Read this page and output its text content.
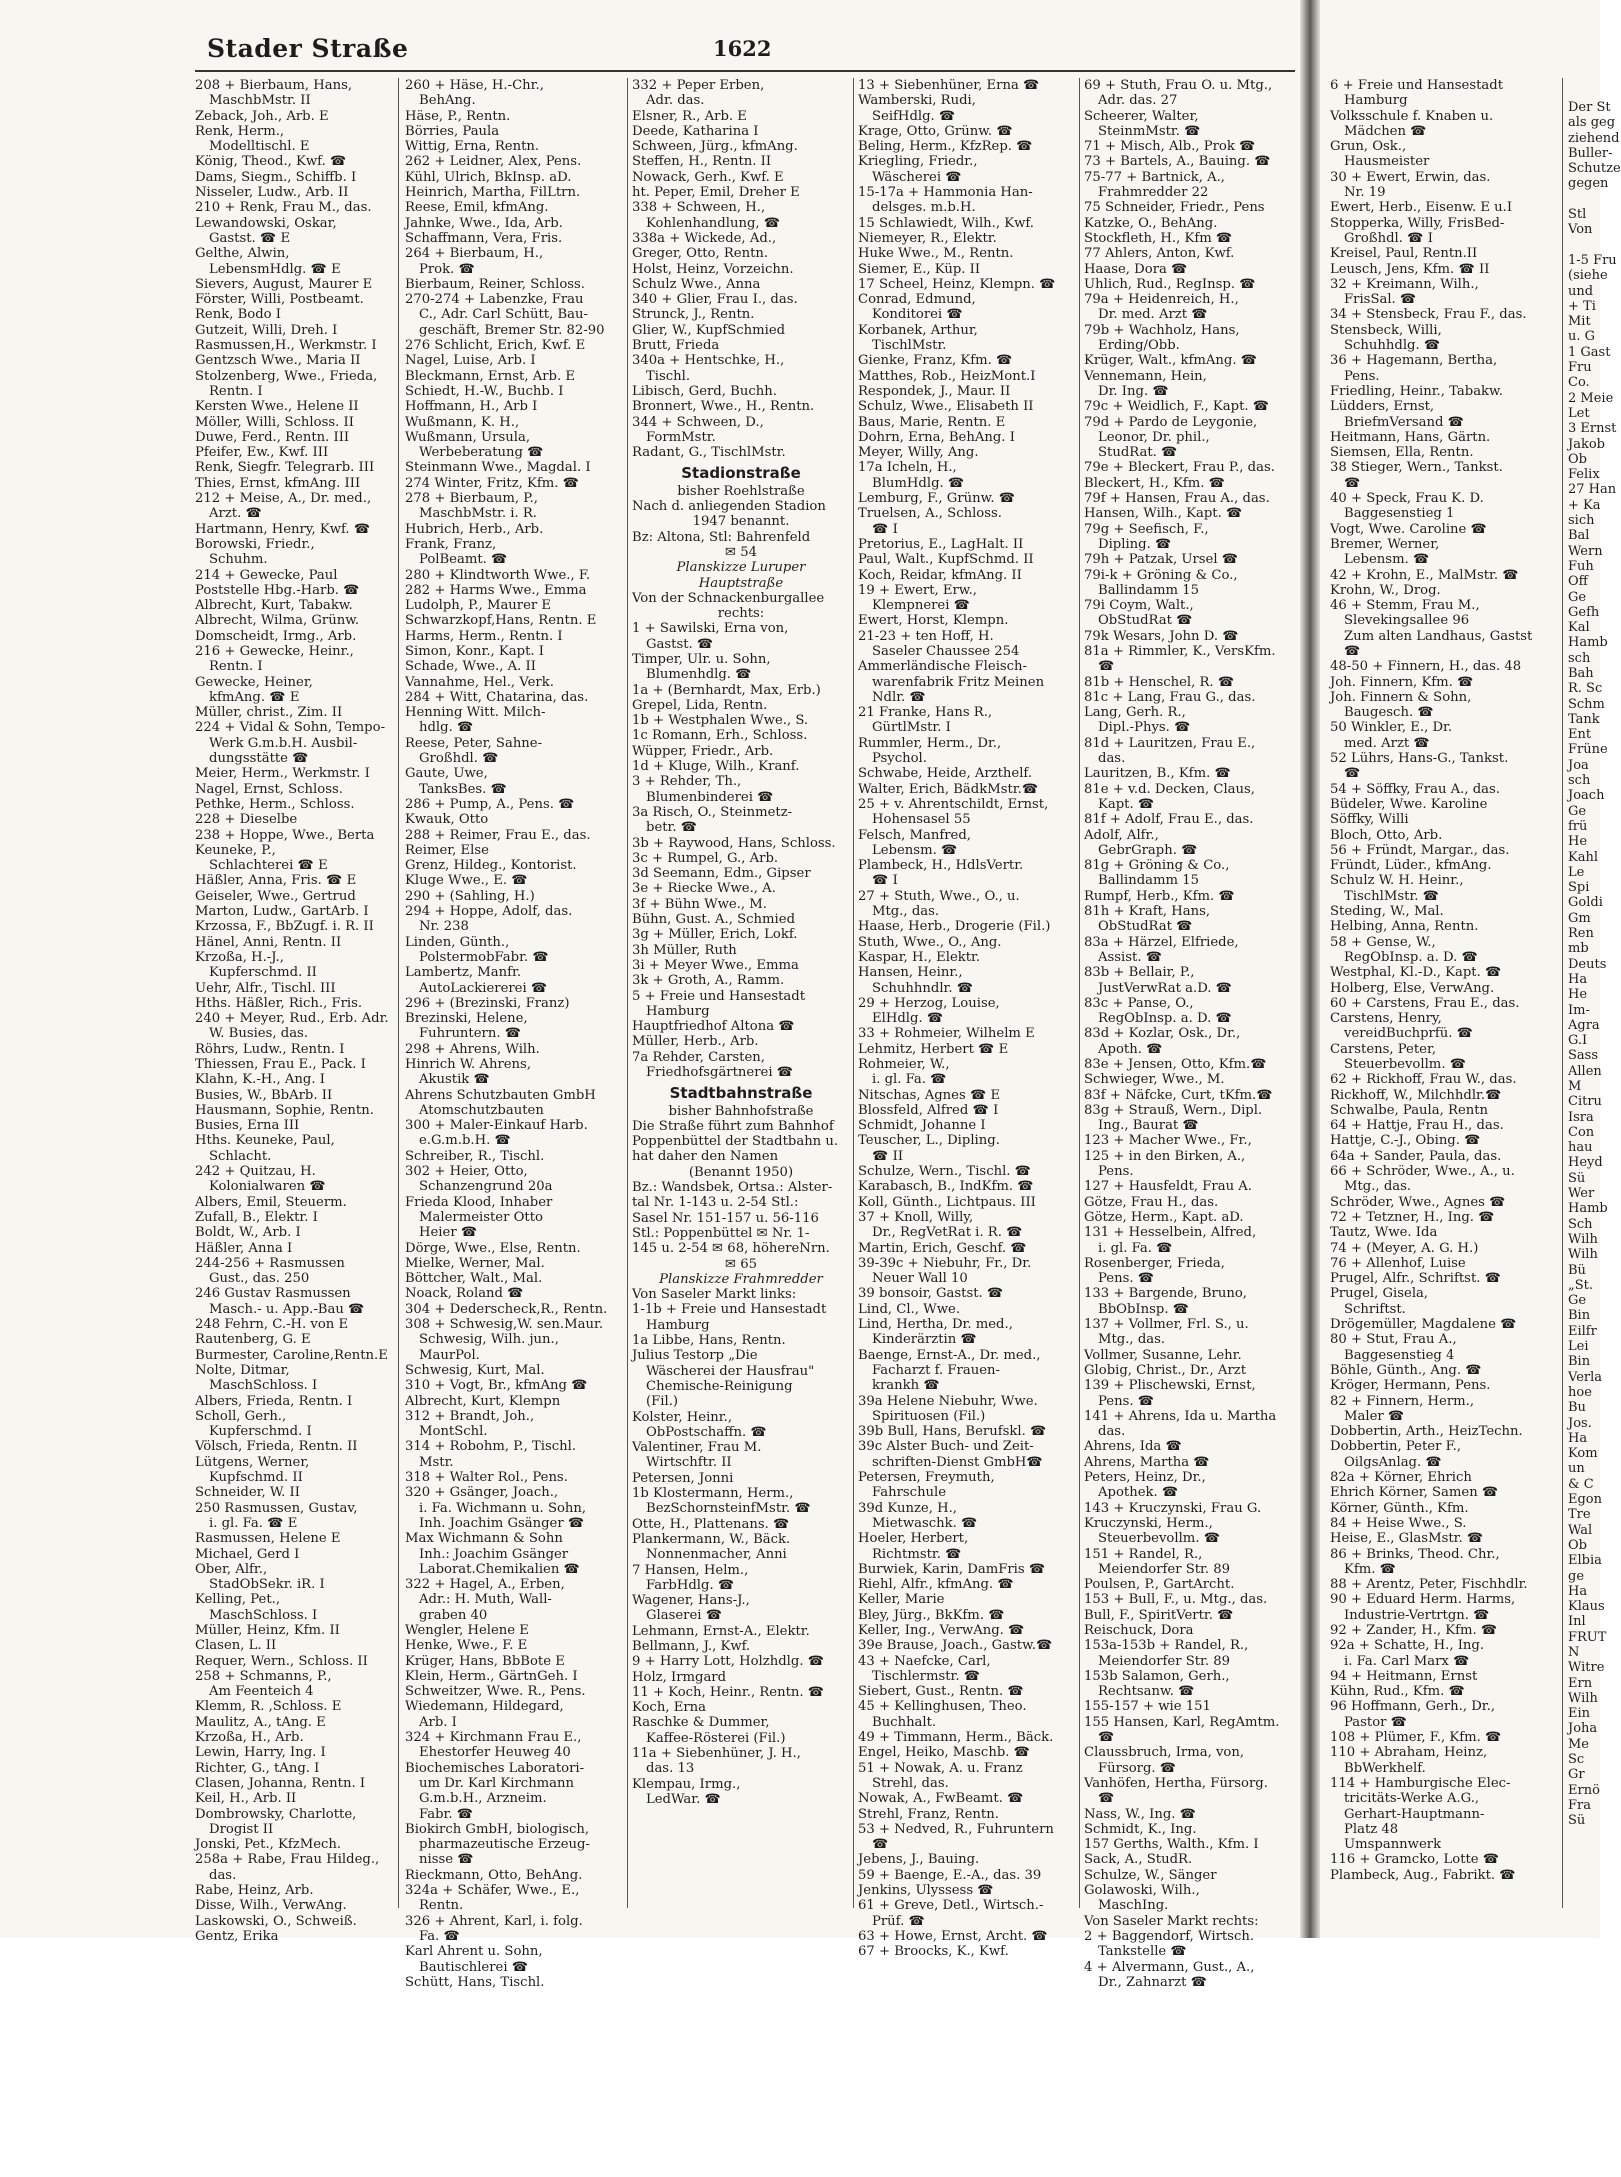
Stader Straße	1622
208 + Bierbaum, Hans,
MaschbMstr. II
Zeback, Joh., Arb. E
Renk, Herm.,
Modelltischl. E
König, Theod., Kwf. ☎
Dams, Siegm., Schiffb. I
Nisseler, Ludw., Arb. II
210 + Renk, Frau M., das.
Lewandowski, Oskar,
Gastst. ☎ E
Gelthe, Alwin,
LebensmHdlg. ☎ E
Sievers, August, Maurer E
Förster, Willi, Postbeamt.
Renk, Bodo I
Gutzeit, Willi, Dreh. I
Rasmussen,H., Werkmstr. I
Gentzsch Wwe., Maria II
Stolzenberg, Wwe., Frieda,
Rentn. I
Kersten Wwe., Helene II
Möller, Willi, Schloss. II
Duwe, Ferd., Rentn. III
Pfeifer, Ew., Kwf. III
Renk, Siegfr. Telegrarb. III
Thies, Ernst, kfmAng. III
212 + Meise, A., Dr. med.,
Arzt. ☎
Hartmann, Henry, Kwf. ☎
Borowski, Friedr.,
Schuhm.
214 + Gewecke, Paul
Poststelle Hbg.-Harb. ☎
Albrecht, Kurt, Tabakw.
Albrecht, Wilma, Grünw.
Domscheidt, Irmg., Arb.
216 + Gewecke, Heinr.,
Rentn. I
Gewecke, Heiner,
kfmAng. ☎ E
Müller, christ., Zim. II
224 + Vidal & Sohn, Tempo-
Werk G.m.b.H. Ausbil-
dungsstätte ☎
Meier, Herm., Werkmstr. I
Nagel, Ernst, Schloss.
Pethke, Herm., Schloss.
228 + Dieselbe
238 + Hoppe, Wwe., Berta
Keuneke, P.,
Schlachterei ☎ E
Häßler, Anna, Fris. ☎ E
Geiseler, Wwe., Gertrud
Marton, Ludw., GartArb. I
Krzossa, F., BbZugf. i. R. II
Hänel, Anni, Rentn. II
Krzoßa, H.-J.,
Kupferschmd. II
Uehr, Alfr., Tischl. III
Hths. Häßler, Rich., Fris.
240 + Meyer, Rud., Erb. Adr.
W. Busies, das.
Röhrs, Ludw., Rentn. I
Thiessen, Frau E., Pack. I
Klahn, K.-H., Ang. I
Busies, W., BbArb. II
Hausmann, Sophie, Rentn.
Busies, Erna III
Hths. Keuneke, Paul,
Schlacht.
242 + Quitzau, H.
Kolonialwaren ☎
Albers, Emil, Steuerm.
Zufall, B., Elektr. I
Boldt, W., Arb. I
Häßler, Anna I
244-256 + Rasmussen
Gust., das. 250
246 Gustav Rasmussen
Masch.- u. App.-Bau ☎
248 Fehrn, C.-H. von E
Rautenberg, G. E
Burmester, Caroline,Rentn.E
Nolte, Ditmar,
MaschSchloss. I
Albers, Frieda, Rentn. I
Scholl, Gerh.,
Kupferschmd. I
Völsch, Frieda, Rentn. II
Lütgens, Werner,
Kupfschmd. II
Schneider, W. II
250 Rasmussen, Gustav,
i. gl. Fa. ☎ E
Rasmussen, Helene E
Michael, Gerd I
Ober, Alfr.,
StadObSekr. iR. I
Kelling, Pet.,
MaschSchloss. I
Müller, Heinz, Kfm. II
Clasen, L. II
Requer, Wern., Schloss. II
258 + Schmanns, P.,
Am Feenteich 4
Klemm, R. ,Schloss. E
Maulitz, A., tAng. E
Krzoßa, H., Arb.
Lewin, Harry, Ing. I
Richter, G., tAng. I
Clasen, Johanna, Rentn. I
Keil, H., Arb. II
Dombrowsky, Charlotte,
Drogist II
Jonski, Pet., KfzMech.
258a + Rabe, Frau Hildeg.,
das.
Rabe, Heinz, Arb.
Disse, Wilh., VerwAng.
Laskowski, O., Schweiß.
Gentz, Erika
260 + Häse, H.-Chr.,
BehAng.
Häse, P., Rentn.
Börries, Paula
Wittig, Erna, Rentn.
262 + Leidner, Alex, Pens.
Kühl, Ulrich, BkInsp. aD.
Heinrich, Martha, FilLtrn.
Reese, Emil, kfmAng.
Jahnke, Wwe., Ida, Arb.
Schaffmann, Vera, Fris.
264 + Bierbaum, H.,
Prok. ☎
Bierbaum, Reiner, Schloss.
270-274 + Labenzke, Frau
C., Adr. Carl Schütt, Bau-
geschäft, Bremer Str. 82-90
276 Schlicht, Erich, Kwf. E
Nagel, Luise, Arb. I
Bleckmann, Ernst, Arb. E
Schiedt, H.-W., Buchb. I
Hoffmann, H., Arb I
Wußmann, K. H.,
Wußmann, Ursula,
Werbeberatung ☎
Steinmann Wwe., Magdal. I
274 Winter, Fritz, Kfm. ☎
278 + Bierbaum, P.,
MaschbMstr. i. R.
Hubrich, Herb., Arb.
Frank, Franz,
PolBeamt. ☎
280 + Klindtworth Wwe., F.
282 + Harms Wwe., Emma
Ludolph, P., Maurer E
Schwarzkopf,Hans, Rentn. E
Harms, Herm., Rentn. I
Simon, Konr., Kapt. I
Schade, Wwe., A. II
Vannahme, Hel., Verk.
284 + Witt, Chatarina, das.
Henning Witt. Milch-
hdlg. ☎
Reese, Peter, Sahne-
Großhdl. ☎
Gaute, Uwe,
TanksBes. ☎
286 + Pump, A., Pens. ☎
Kwauk, Otto
288 + Reimer, Frau E., das.
Reimer, Else
Grenz, Hildeg., Kontorist.
Kluge Wwe., E. ☎
290 + (Sahling, H.)
294 + Hoppe, Adolf, das.
Nr. 238
Linden, Günth.,
PolstermobFabr. ☎
Lambertz, Manfr.
AutoLackiererei ☎
296 + (Brezinski, Franz)
Brezinski, Helene,
Fuhruntern. ☎
298 + Ahrens, Wilh.
Hinrich W. Ahrens,
Akustik ☎
Ahrens Schutzbauten GmbH
Atomschutzbauten
300 + Maler-Einkauf Harb.
e.G.m.b.H. ☎
Schreiber, R., Tischl.
302 + Heier, Otto,
Schanzengrund 20a
Frieda Klood, Inhaber
Malermeister Otto
Heier ☎
Dörge, Wwe., Else, Rentn.
Mielke, Werner, Mal.
Böttcher, Walt., Mal.
Noack, Roland ☎
304 + Dederscheck,R., Rentn.
308 + Schwesig,W. sen.Maur.
Schwesig, Wilh. jun.,
MaurPol.
Schwesig, Kurt, Mal.
310 + Vogt, Br., kfmAng ☎
Albrecht, Kurt, Klempn
312 + Brandt, Joh.,
MontSchl.
314 + Robohm, P., Tischl.
Mstr.
318 + Walter Rol., Pens.
320 + Gsänger, Joach.,
i. Fa. Wichmann u. Sohn,
Inh. Joachim Gsänger ☎
Max Wichmann & Sohn
Inh.: Joachim Gsänger
Laborat.Chemikalien ☎
322 + Hagel, A., Erben,
Adr.: H. Muth, Wall-
graben 40
Wengler, Helene E
Henke, Wwe., F. E
Krüger, Hans, BbBote E
Klein, Herm., GärtnGeh. I
Schweitzer, Wwe. R., Pens.
Wiedemann, Hildegard,
Arb. I
324 + Kirchmann Frau E.,
Ehestorfer Heuweg 40
Biochemisches Laboratori-
um Dr. Karl Kirchmann
G.m.b.H., Arzneim.
Fabr. ☎
Biokirch GmbH, biologisch,
pharmazeutische Erzeug-
nisse ☎
Rieckmann, Otto, BehAng.
324a + Schäfer, Wwe., E.,
Rentn.
326 + Ahrent, Karl, i. folg.
Fa. ☎
Karl Ahrent u. Sohn,
Bautischlerei ☎
Schütt, Hans, Tischl.
332 + Peper Erben,
Adr. das.
Elsner, R., Arb. E
Deede, Katharina I
Schween, Jürg., kfmAng.
Steffen, H., Rentn. II
Nowack, Gerh., Kwf. E
ht. Peper, Emil, Dreher E
338 + Schween, H.,
Kohlenhandlung, ☎
338a + Wickede, Ad.,
Greger, Otto, Rentn.
Holst, Heinz, Vorzeichn.
Schulz Wwe., Anna
340 + Glier, Frau I., das.
Strunck, J., Rentn.
Glier, W., KupfSchmied
Brutt, Frieda
340a + Hentschke, H.,
Tischl.
Libisch, Gerd, Buchh.
Bronnert, Wwe., H., Rentn.
344 + Schween, D.,
FormMstr.
Radant, G., TischlMstr.
Stadionstraße
bisher Roehlstraße
Nach d. anliegenden Stadion
1947 benannt.
Bz: Altona, Stl: Bahrenfeld
✉ 54
Planskizze Luruper
Hauptstraße
Von der Schnackenburgallee
rechts:
1 + Sawilski, Erna von,
Gastst. ☎
Timper, Ulr. u. Sohn,
Blumenhdlg. ☎
1a + (Bernhardt, Max, Erb.)
Grepel, Lida, Rentn.
1b + Westphalen Wwe., S.
1c Romann, Erh., Schloss.
Wüpper, Friedr., Arb.
1d + Kluge, Wilh., Kranf.
3 + Rehder, Th.,
Blumenbinderei ☎
3a Risch, O., Steinmetz-
betr. ☎
3b + Raywood, Hans, Schloss.
3c + Rumpel, G., Arb.
3d Seemann, Edm., Gipser
3e + Riecke Wwe., A.
3f + Bühn Wwe., M.
Bühn, Gust. A., Schmied
3g + Müller, Erich, Lokf.
3h Müller, Ruth
3i + Meyer Wwe., Emma
3k + Groth, A., Ramm.
5 + Freie und Hansestadt
Hamburg
Hauptfriedhof Altona ☎
Müller, Herb., Arb.
7a Rehder, Carsten,
Friedhofsgärtnerei ☎
Stadtbahnstraße
bisher Bahnhofstraße
Die Straße führt zum Bahnhof
Poppenbüttel der Stadtbahn u.
hat daher den Namen
(Benannt 1950)
Bz.: Wandsbek, Ortsa.: Alster-
tal Nr. 1-143 u. 2-54 Stl.:
Sasel Nr. 151-157 u. 56-116
Stl.: Poppenbüttel ✉ Nr. 1-
145 u. 2-54 ✉ 68, höhereNrn.
✉ 65
Planskizze Frahmredder
Von Saseler Markt links:
1-1b + Freie und Hansestadt
Hamburg
1a Libbe, Hans, Rentn.
Julius Testorp „Die
Wäscherei der Hausfrau"
Chemische-Reinigung
(Fil.)
Kolster, Heinr.,
ObPostschaffn. ☎
Valentiner, Frau M.
Wirtschftr. II
Petersen, Jonni
1b Klostermann, Herm.,
BezSchornsteinfMstr. ☎
Otte, H., Plattenans. ☎
Plankermann, W., Bäck.
Nonnenmacher, Anni
7 Hansen, Helm.,
FarbHdlg. ☎
Wagener, Hans-J.,
Glaserei ☎
Lehmann, Ernst-A., Elektr.
Bellmann, J., Kwf.
9 + Harry Lott, Holzhdlg. ☎
Holz, Irmgard
11 + Koch, Heinr., Rentn. ☎
Koch, Erna
Raschke & Dummer,
Kaffee-Rösterei (Fil.)
11a + Siebenhüner, J. H.,
das. 13
Klempau, Irmg.,
LedWar. ☎
13 + Siebenhüner, Erna ☎
Wamberski, Rudi,
SeifHdlg. ☎
Krage, Otto, Grünw. ☎
Beling, Herm., KfzRep. ☎
Kriegling, Friedr.,
Wäscherei ☎
15-17a + Hammonia Han-
delsges. m.b.H.
15 Schlawiedt, Wilh., Kwf.
Niemeyer, R., Elektr.
Huke Wwe., M., Rentn.
Siemer, E., Küp. II
17 Scheel, Heinz, Klempn. ☎
Conrad, Edmund,
Konditorei ☎
Korbanek, Arthur,
TischlMstr.
Gienke, Franz, Kfm. ☎
Matthes, Rob., HeizMont.I
Respondek, J., Maur. II
Schulz, Wwe., Elisabeth II
Baus, Marie, Rentn. E
Dohrn, Erna, BehAng. I
Meyer, Willy, Ang.
17a Icheln, H.,
BlumHdlg. ☎
Lemburg, F., Grünw. ☎
Truelsen, A., Schloss.
☎ I
Pretorius, E., LagHalt. II
Paul, Walt., KupfSchmd. II
Koch, Reidar, kfmAng. II
19 + Ewert, Erw.,
Klempnerei ☎
Ewert, Horst, Klempn.
21-23 + ten Hoff, H.
Saseler Chaussee 254
Ammerländische Fleisch-
warenfabrik Fritz Meinen
Ndlr. ☎
21 Franke, Hans R.,
GürtlMstr. I
Rummler, Herm., Dr.,
Psychol.
Schwabe, Heide, Arzthelf.
Walter, Erich, BädkMstr.☎
25 + v. Ahrentschildt, Ernst,
Hohensasel 55
Felsch, Manfred,
Lebensm. ☎
Plambeck, H., HdlsVertr.
☎ I
27 + Stuth, Wwe., O., u.
Mtg., das.
Haase, Herb., Drogerie (Fil.)
Stuth, Wwe., O., Ang.
Kaspar, H., Elektr.
Hansen, Heinr.,
Schuhhndlr. ☎
29 + Herzog, Louise,
ElHdlg. ☎
33 + Rohmeier, Wilhelm E
Lehmitz, Herbert ☎ E
Rohmeier, W.,
i. gl. Fa. ☎
Nitschas, Agnes ☎ E
Blossfeld, Alfred ☎ I
Schmidt, Johanne I
Teuscher, L., Dipling.
☎ II
Schulze, Wern., Tischl. ☎
Karabasch, B., IndKfm. ☎
Koll, Günth., Lichtpaus. III
37 + Knoll, Willy,
Dr., RegVetRat i. R. ☎
Martin, Erich, Geschf. ☎
39-39c + Niebuhr, Fr., Dr.
Neuer Wall 10
39 bonsoir, Gastst. ☎
Lind, Cl., Wwe.
Lind, Hertha, Dr. med.,
Kinderärztin ☎
Baenge, Ernst-A., Dr. med.,
Facharzt f. Frauen-
krankh ☎
39a Helene Niebuhr, Wwe.
Spirituosen (Fil.)
39b Bull, Hans, Berufskl. ☎
39c Alster Buch- und Zeit-
schriften-Dienst GmbH☎
Petersen, Freymuth,
Fahrschule
39d Kunze, H.,
Mietwaschk. ☎
Hoeler, Herbert,
Richtmstr. ☎
Burwiek, Karin, DamFris ☎
Riehl, Alfr., kfmAng. ☎
Keller, Marie
Bley, Jürg., BkKfm. ☎
Keller, Ing., VerwAng. ☎
39e Brause, Joach., Gastw.☎
43 + Naefcke, Carl,
Tischlermstr. ☎
Siebert, Gust., Rentn. ☎
45 + Kellinghusen, Theo.
Buchhalt.
49 + Timmann, Herm., Bäck.
Engel, Heiko, Maschb. ☎
51 + Nowak, A. u. Franz
Strehl, das.
Nowak, A., FwBeamt. ☎
Strehl, Franz, Rentn.
53 + Nedved, R., Fuhruntern
☎
Jebens, J., Bauing.
59 + Baenge, E.-A., das. 39
Jenkins, Ulyssess ☎
61 + Greve, Detl., Wirtsch.-
Prüf. ☎
63 + Howe, Ernst, Archt. ☎
67 + Broocks, K., Kwf.
69 + Stuth, Frau O. u. Mtg.,
Adr. das. 27
Scheerer, Walter,
SteinmMstr. ☎
71 + Misch, Alb., Prok ☎
73 + Bartels, A., Bauing. ☎
75-77 + Bartnick, A.,
Frahmredder 22
75 Schneider, Friedr., Pens
Katzke, O., BehAng.
Stockfleth, H., Kfm ☎
77 Ahlers, Anton, Kwf.
Haase, Dora ☎
Uhlich, Rud., RegInsp. ☎
79a + Heidenreich, H.,
Dr. med. Arzt ☎
79b + Wachholz, Hans,
Erding/Obb.
Krüger, Walt., kfmAng. ☎
Vennemann, Hein,
Dr. Ing. ☎
79c + Weidlich, F., Kapt. ☎
79d + Pardo de Leygonie,
Leonor, Dr. phil.,
StudRat. ☎
79e + Bleckert, Frau P., das.
Bleckert, H., Kfm. ☎
79f + Hansen, Frau A., das.
Hansen, Wilh., Kapt. ☎
79g + Seefisch, F.,
Dipling. ☎
79h + Patzak, Ursel ☎
79i-k + Gröning & Co.,
Ballindamm 15
79i Coym, Walt.,
ObStudRat ☎
79k Wesars, John D. ☎
81a + Rimmler, K., VersKfm.
☎
81b + Henschel, R. ☎
81c + Lang, Frau G., das.
Lang, Gerh. R.,
Dipl.-Phys. ☎
81d + Lauritzen, Frau E.,
das.
Lauritzen, B., Kfm. ☎
81e + v.d. Decken, Claus,
Kapt. ☎
81f + Adolf, Frau E., das.
Adolf, Alfr.,
GebrGraph. ☎
81g + Gröning & Co.,
Ballindamm 15
Rumpf, Herb., Kfm. ☎
81h + Kraft, Hans,
ObStudRat ☎
83a + Härzel, Elfriede,
Assist. ☎
83b + Bellair, P.,
JustVerwRat a.D. ☎
83c + Panse, O.,
RegObInsp. a. D. ☎
83d + Kozlar, Osk., Dr.,
Apoth. ☎
83e + Jensen, Otto, Kfm.☎
Schwieger, Wwe., M.
83f + Näfcke, Curt, tKfm.☎
83g + Strauß, Wern., Dipl.
Ing., Baurat ☎
123 + Macher Wwe., Fr.,
125 + in den Birken, A.,
Pens.
127 + Hausfeldt, Frau A.
Götze, Frau H., das.
Götze, Herm., Kapt. aD.
131 + Hesselbein, Alfred,
i. gl. Fa. ☎
Rosenberger, Frieda,
Pens. ☎
133 + Bargende, Bruno,
BbObInsp. ☎
137 + Vollmer, Frl. S., u.
Mtg., das.
Vollmer, Susanne, Lehr.
Globig, Christ., Dr., Arzt
139 + Plischewski, Ernst,
Pens. ☎
141 + Ahrens, Ida u. Martha
das.
Ahrens, Ida ☎
Ahrens, Martha ☎
Peters, Heinz, Dr.,
Apothek. ☎
143 + Kruczynski, Frau G.
Kruczynski, Herm.,
Steuerbevollm. ☎
151 + Randel, R.,
Meiendorfer Str. 89
Poulsen, P., GartArcht.
153 + Bull, F., u. Mtg., das.
Bull, F., SpiritVertr. ☎
Reischuck, Dora
153a-153b + Randel, R.,
Meiendorfer Str. 89
153b Salamon, Gerh.,
Rechtsanw. ☎
155-157 + wie 151
155 Hansen, Karl, RegAmtm.
☎
Claussbruch, Irma, von,
Fürsorg. ☎
Vanhöfen, Hertha, Fürsorg.
☎
Nass, W., Ing. ☎
Schmidt, K., Ing.
157 Gerths, Walth., Kfm. I
Sack, A., StudR.
Schulze, W., Sänger
Golawoski, Wilh.,
MaschIng.
Von Saseler Markt rechts:
2 + Baggendorf, Wirtsch.
Tankstelle ☎
4 + Alvermann, Gust., A.,
Dr., Zahnarzt ☎
6 + Freie und Hansestadt
Hamburg
Volksschule f. Knaben u.
Mädchen ☎
Grun, Osk.,
Hausmeister
30 + Ewert, Erwin, das.
Nr. 19
Ewert, Herb., Eisenw. E u.I
Stopperka, Willy, FrisBed-
Großhdl. ☎ I
Kreisel, Paul, Rentn.II
Leusch, Jens, Kfm. ☎ II
32 + Kreimann, Wilh.,
FrisSal. ☎
34 + Stensbeck, Frau F., das.
Stensbeck, Willi,
Schuhhdlg. ☎
36 + Hagemann, Bertha,
Pens.
Friedling, Heinr., Tabakw.
Lüdders, Ernst,
BriefmVersand ☎
Heitmann, Hans, Gärtn.
Siemsen, Ella, Rentn.
38 Stieger, Wern., Tankst.
☎
40 + Speck, Frau K. D.
Baggesenstieg 1
Vogt, Wwe. Caroline ☎
Bremer, Werner,
Lebensm. ☎
42 + Krohn, E., MalMstr. ☎
Krohn, W., Drog.
46 + Stemm, Frau M.,
Slevekingsallee 96
Zum alten Landhaus, Gastst
☎
48-50 + Finnern, H., das. 48
Joh. Finnern, Kfm. ☎
Joh. Finnern & Sohn,
Baugesch. ☎
50 Winkler, E., Dr.
med. Arzt ☎
52 Lührs, Hans-G., Tankst.
☎
54 + Söffky, Frau A., das.
Büdeler, Wwe. Karoline
Söffky, Willi
Bloch, Otto, Arb.
56 + Fründt, Margar., das.
Fründt, Lüder., kfmAng.
Schulz W. H. Heinr.,
TischlMstr. ☎
Steding, W., Mal.
Helbing, Anna, Rentn.
58 + Gense, W.,
RegObInsp. a. D. ☎
Westphal, Kl.-D., Kapt. ☎
Holberg, Else, VerwAng.
60 + Carstens, Frau E., das.
Carstens, Henry,
vereidBuchprfü. ☎
Carstens, Peter,
Steuerbevollm. ☎
62 + Rickhoff, Frau W., das.
Rickhoff, W., Milchhdlr.☎
Schwalbe, Paula, Rentn
64 + Hattje, Frau H., das.
Hattje, C.-J., Obing. ☎
64a + Sander, Paula, das.
66 + Schröder, Wwe., A., u.
Mtg., das.
Schröder, Wwe., Agnes ☎
72 + Tetzner, H., Ing. ☎
Tautz, Wwe. Ida
74 + (Meyer, A. G. H.)
76 + Allenhof, Luise
Prugel, Alfr., Schriftst. ☎
Prugel, Gisela,
Schriftst.
Drögemüller, Magdalene ☎
80 + Stut, Frau A.,
Baggesenstieg 4
Böhle, Günth., Ang. ☎
Kröger, Hermann, Pens.
82 + Finnern, Herm.,
Maler ☎
Dobbertin, Arth., HeizTechn.
Dobbertin, Peter F.,
OilgsAnlag. ☎
82a + Körner, Ehrich
Ehrich Körner, Samen ☎
Körner, Günth., Kfm.
84 + Heise Wwe., S.
Heise, E., GlasMstr. ☎
86 + Brinks, Theod. Chr.,
Kfm. ☎
88 + Arentz, Peter, Fischhdlr.
90 + Eduard Herm. Harms,
Industrie-Vertrtgn. ☎
92 + Zander, H., Kfm. ☎
92a + Schatte, H., Ing.
i. Fa. Carl Marx ☎
94 + Heitmann, Ernst
Kühn, Rud., Kfm. ☎
96 Hoffmann, Gerh., Dr.,
Pastor ☎
108 + Plümer, F., Kfm. ☎
110 + Abraham, Heinz,
BbWerkhelf.
114 + Hamburgische Elec-
tricitäts-Werke A.G.,
Gerhart-Hauptmann-
Platz 48
Umspannwerk
116 + Gramcko, Lotte ☎
Plambeck, Aug., Fabrikt. ☎
Der St
als geg
ziehend
Buller-
Schutze
gegen

Stl
Von

1-5 Fru
(siehe
und
+ Ti
Mit
u. G
1 Gast
Fru
Co.
2 Meie
Let
3 Ernst
Jakob
Ob
Felix
27 Han
+ Ka
sich
Bal
Wern
Fuh
Off
Ge
Gefh
Kal
Hamb
sch
Bah
R. Sc
Schm
Tank
Ent
Früne
Joa
sch
Joach
Ge
frü
He
Kahl
Le
Spi
Goldi
Gm
Ren
mb
Deuts
Ha
He
Im-
Agra
G.I
Sass
Allen
M
Citru
Isra
Con
hau
Heyd
Sü
Wer
Hamb
Sch
Wilh
Wilh
Bü
„St.
Ge
Bin
Eilfr
Lei
Bin
Verla
hoe
Bu
Jos.
Ha
Kom
un
& C
Egon
Tre
Wal
Ob
Elbia
ge
Ha
Klaus
Inl
FRUT
N
Witre
Ern
Wilh
Ein
Joha
Me
Sc
Gr
Ernö
Fra
Sü
